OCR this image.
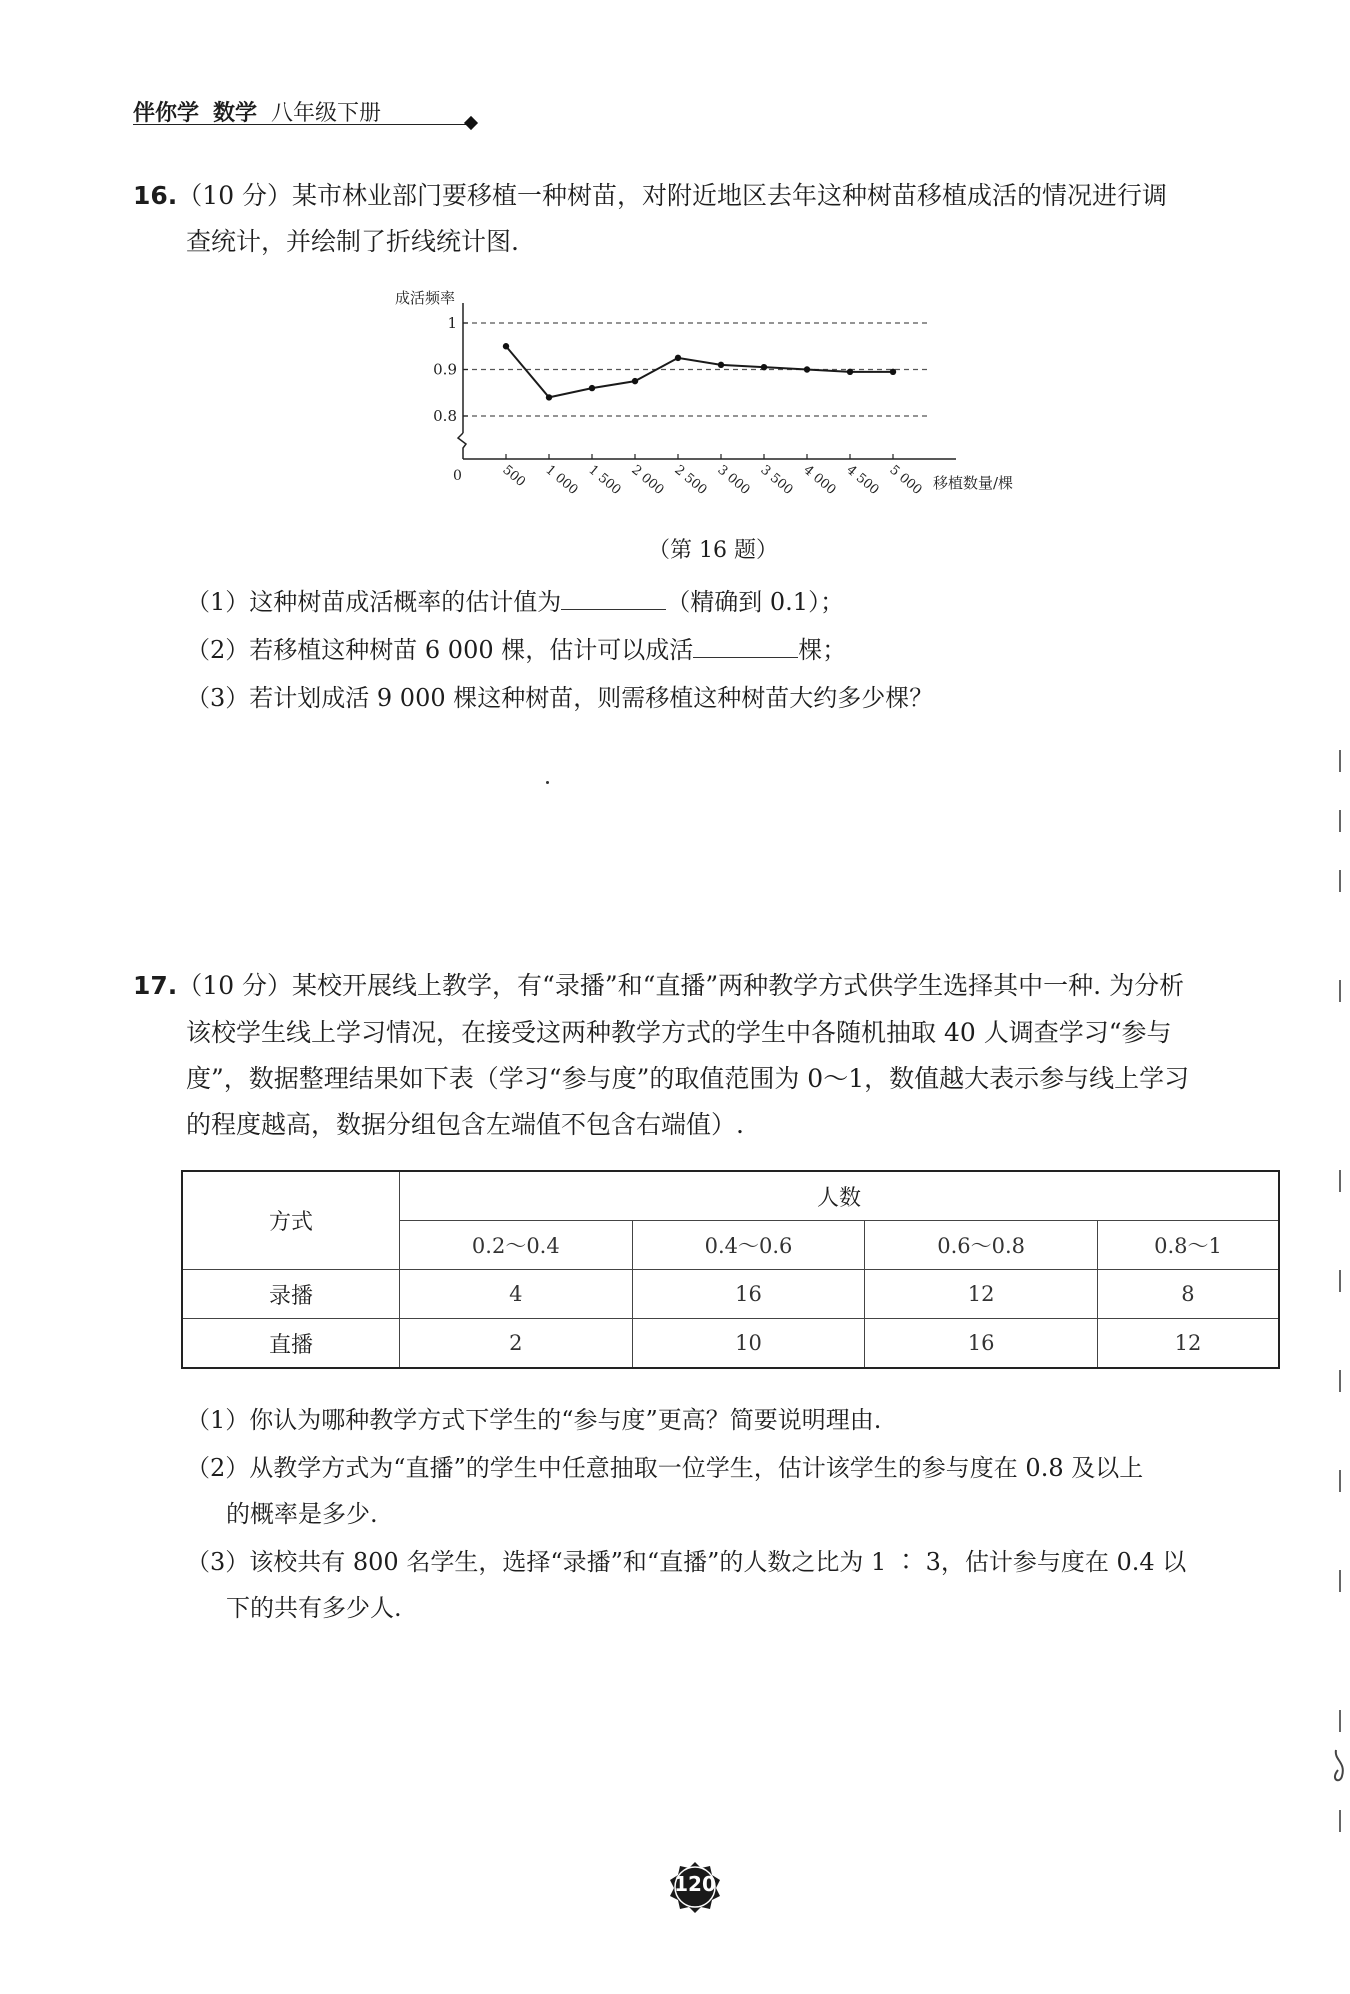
伴你学 数学 八年级下册
16.（10 分）某市林业部门要移植一种树苗，对附近地区去年这种树苗移植成活的情况进行调
查统计，并绘制了折线统计图.
1
0.9
0.8
500 1 000 1 500 2 000 2 500 3 000 3 500 4 000 4 500 5 000
成活频率
移植数量/棵
0
（第 16 题）
（1）这种树苗成活概率的估计值为	（精确到 0.1）；
（2）若移植这种树苗 6 000 棵，估计可以成活	棵；
（3）若计划成活 9 000 棵这种树苗，则需移植这种树苗大约多少棵？
17.（10 分）某校开展线上教学，有“录播”和“直播”两种教学方式供学生选择其中一种. 为分析
该校学生线上学习情况，在接受这两种教学方式的学生中各随机抽取 40 人调查学习“参与
度”，数据整理结果如下表（学习“参与度”的取值范围为 0～1，数值越大表示参与线上学习
的程度越高，数据分组包含左端值不包含右端值）.
方式	人数			
	0.2～0.4	0.4～0.6	0.6～0.8	0.8～1
录播	4	16	12	8
直播	2	10	16	12
（1）你认为哪种教学方式下学生的“参与度”更高？简要说明理由.
（2）从教学方式为“直播”的学生中任意抽取一位学生，估计该学生的参与度在 0.8 及以上
的概率是多少.
（3）该校共有 800 名学生，选择“录播”和“直播”的人数之比为 1 ∶ 3，估计参与度在 0.4 以
下的共有多少人.
120
